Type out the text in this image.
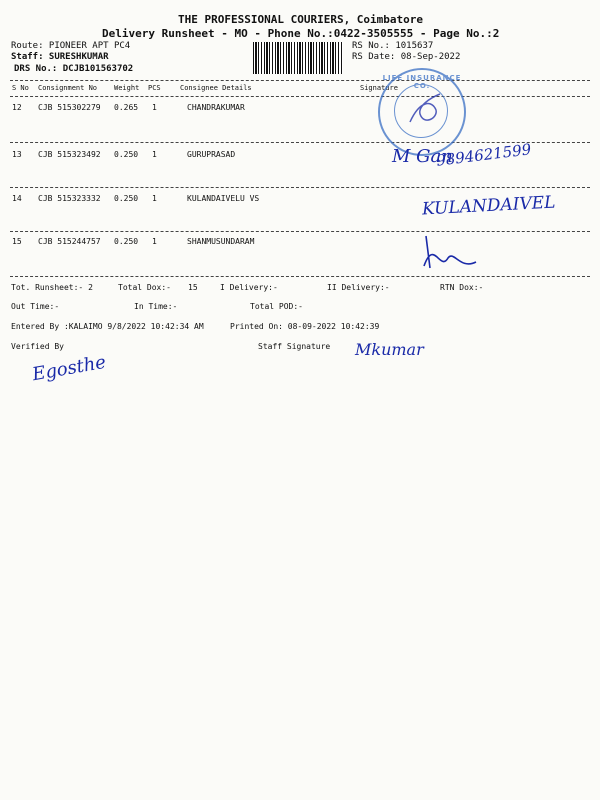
THE PROFESSIONAL COURIERS, Coimbatore
Delivery Runsheet - MO - Phone No.:0422-3505555 - Page No.:2
Route: PIONEER APT PC4
Staff: SURESHKUMAR
DRS No.: DCJB101563702
RS No.: 1015637
RS Date: 08-Sep-2022
S No Consignment No Weight PCS	Consignee Details	Signature
12 CJB 515302279 0.265 1	CHANDRAKUMAR
13 CJB 515323492 0.250 1	GURUPRASAD
14 CJB 515323332 0.250 1	KULANDAIVELU VS
15 CJB 515244757 0.250 1	SHANMUSUNDARAM
LIFE INSURANCE CO.
M Gan
9894621599
KULANDAIVEL
Tot. Runsheet:- 2	Total Dox:- 15	I Delivery:-	II Delivery:-	RTN Dox:-
Out Time:-	In Time:-	Total POD:-
Entered By :KALAIMO 9/8/2022 10:42:34 AM	Printed On: 08-09-2022 10:42:39
Verified By	Staff Signature
Egosthe
Mkumar
